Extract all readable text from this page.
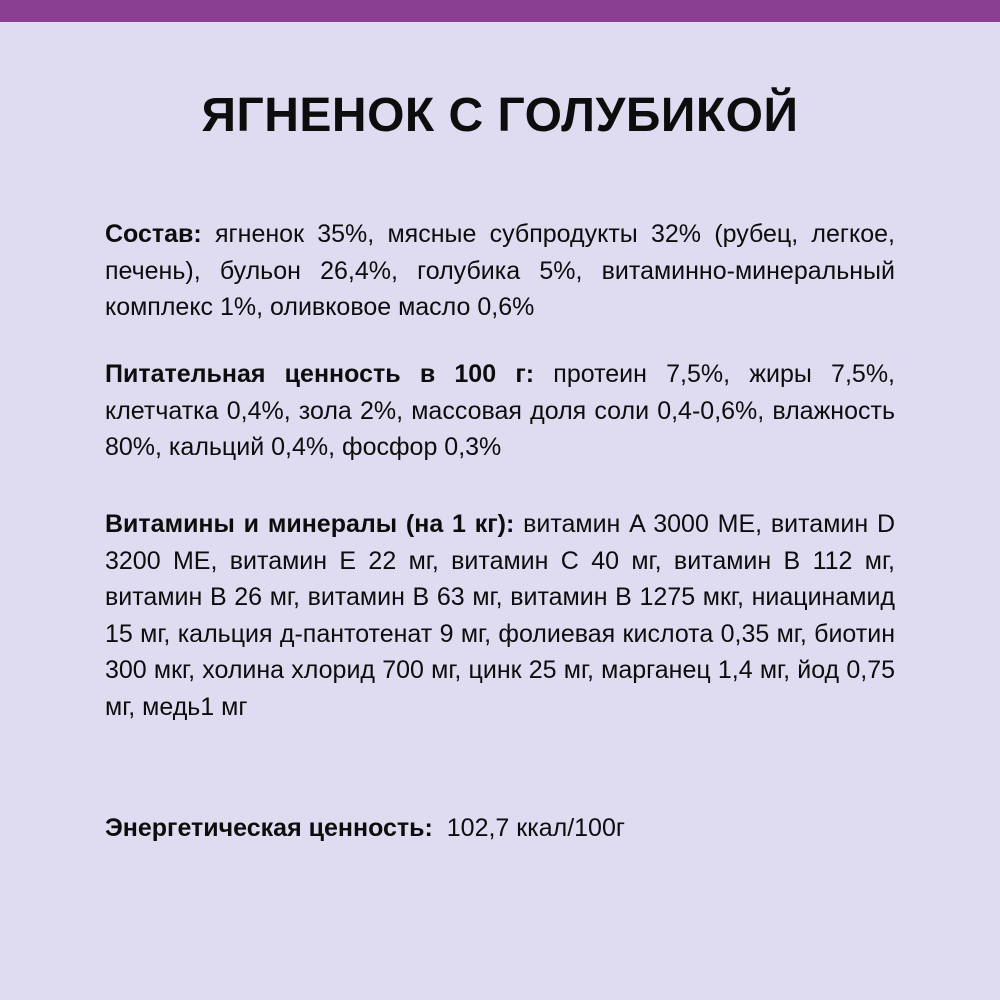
ЯГНЕНОК С ГОЛУБИКОЙ

Состав: ягненок 35%, мясные субпродукты 32% (рубец, легкое, печень), бульон 26,4%, голубика 5%, витаминно-минеральный комплекс 1%, оливковое масло 0,6%

Питательная ценность в 100 г: протеин 7,5%, жиры 7,5%, клетчатка 0,4%, зола 2%, массовая доля соли 0,4-0,6%, влажность 80%, кальций 0,4%, фосфор 0,3%

Витамины и минералы (на 1 кг): витамин A 3000 МЕ, витамин D 3200 МЕ, витамин E 22 мг, витамин C 40 мг, витамин B 112 мг, витамин B 26 мг, витамин B 63 мг, витамин B 1275 мкг, ниацинамид 15 мг, кальция д-пантотенат 9 мг, фолиевая кислота 0,35 мг, биотин 300 мкг, холина хлорид 700 мг, цинк 25 мг, марганец 1,4 мг, йод 0,75 мг, медь1 мг

Энергетическая ценность: 102,7 ккал/100г
